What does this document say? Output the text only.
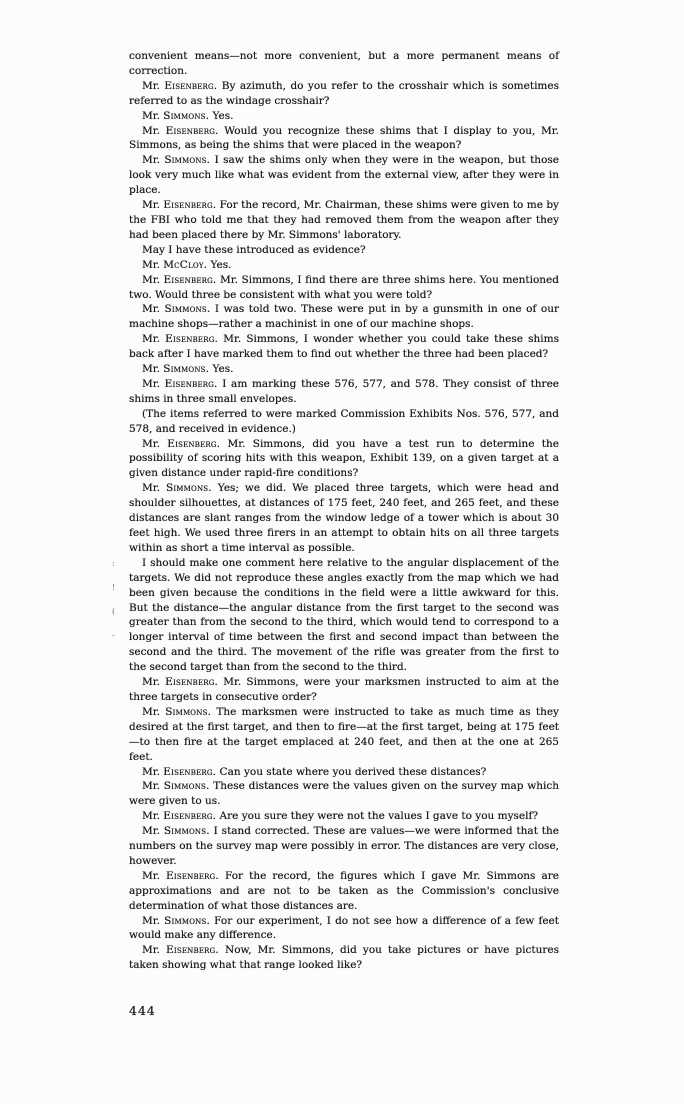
:
!
(
-

convenient means—not more convenient, but a more permanent means of correction.

Mr. Eisenberg. By azimuth, do you refer to the crosshair which is sometimes referred to as the windage crosshair?

Mr. Simmons. Yes.

Mr. Eisenberg. Would you recognize these shims that I display to you, Mr. Simmons, as being the shims that were placed in the weapon?

Mr. Simmons. I saw the shims only when they were in the weapon, but those look very much like what was evident from the external view, after they were in place.

Mr. Eisenberg. For the record, Mr. Chairman, these shims were given to me by the FBI who told me that they had removed them from the weapon after they had been placed there by Mr. Simmons' laboratory.

May I have these introduced as evidence?

Mr. McCloy. Yes.

Mr. Eisenberg. Mr. Simmons, I find there are three shims here. You mentioned two. Would three be consistent with what you were told?

Mr. Simmons. I was told two. These were put in by a gunsmith in one of our machine shops—rather a machinist in one of our machine shops.

Mr. Eisenberg. Mr. Simmons, I wonder whether you could take these shims back after I have marked them to find out whether the three had been placed?

Mr. Simmons. Yes.

Mr. Eisenberg. I am marking these 576, 577, and 578. They consist of three shims in three small envelopes.

(The items referred to were marked Commission Exhibits Nos. 576, 577, and 578, and received in evidence.)

Mr. Eisenberg. Mr. Simmons, did you have a test run to determine the possibility of scoring hits with this weapon, Exhibit 139, on a given target at a given distance under rapid-fire conditions?

Mr. Simmons. Yes; we did. We placed three targets, which were head and shoulder silhouettes, at distances of 175 feet, 240 feet, and 265 feet, and these distances are slant ranges from the window ledge of a tower which is about 30 feet high. We used three firers in an attempt to obtain hits on all three targets within as short a time interval as possible.

I should make one comment here relative to the angular displacement of the targets. We did not reproduce these angles exactly from the map which we had been given because the conditions in the field were a little awkward for this. But the distance—the angular distance from the first target to the second was greater than from the second to the third, which would tend to correspond to a longer interval of time between the first and second impact than between the second and the third. The movement of the rifle was greater from the first to the second target than from the second to the third.

Mr. Eisenberg. Mr. Simmons, were your marksmen instructed to aim at the three targets in consecutive order?

Mr. Simmons. The marksmen were instructed to take as much time as they desired at the first target, and then to fire—at the first target, being at 175 feet—to then fire at the target emplaced at 240 feet, and then at the one at 265 feet.

Mr. Eisenberg. Can you state where you derived these distances?

Mr. Simmons. These distances were the values given on the survey map which were given to us.

Mr. Eisenberg. Are you sure they were not the values I gave to you myself?

Mr. Simmons. I stand corrected. These are values—we were informed that the numbers on the survey map were possibly in error. The distances are very close, however.

Mr. Eisenberg. For the record, the figures which I gave Mr. Simmons are approximations and are not to be taken as the Commission's conclusive determination of what those distances are.

Mr. Simmons. For our experiment, I do not see how a difference of a few feet would make any difference.

Mr. Eisenberg. Now, Mr. Simmons, did you take pictures or have pictures taken showing what that range looked like?

444
